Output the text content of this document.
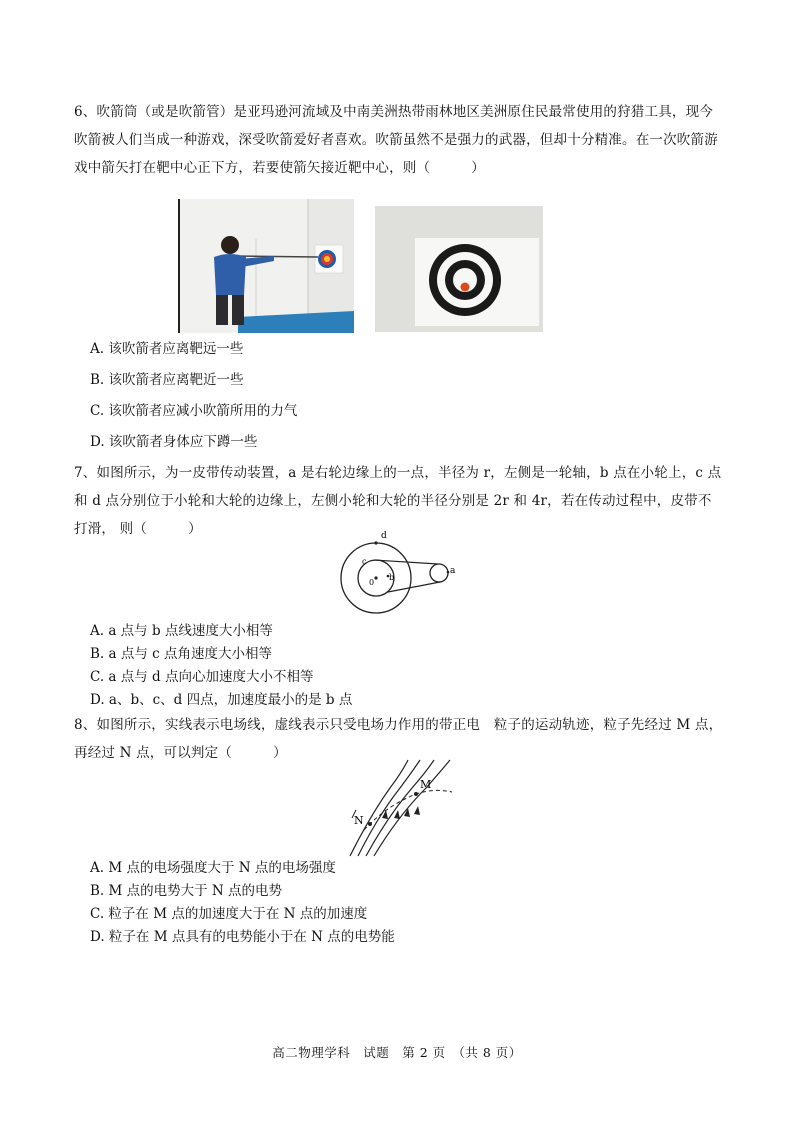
6、吹箭筒（或是吹箭管）是亚玛逊河流域及中南美洲热带雨林地区美洲原住民最常使用的狩猎工具，现今吹箭被人们当成一种游戏，深受吹箭爱好者喜欢。吹箭虽然不是强力的武器，但却十分精准。在一次吹箭游戏中箭矢打在靶中心正下方，若要使箭矢接近靶中心，则（　　　）
A. 该吹箭者应离靶远一些
B. 该吹箭者应离靶近一些
C. 该吹箭者应减小吹箭所用的力气
D. 该吹箭者身体应下蹲一些
7、如图所示，为一皮带传动装置，a 是右轮边缘上的一点，半径为 r，左侧是一轮轴，b 点在小轮上，c 点和 d 点分别位于小轮和大轮的边缘上，左侧小轮和大轮的半径分别是 2r 和 4r，若在传动过程中，皮带不打滑， 则（　　　）	d
c
0
b
a
A. a 点与 b 点线速度大小相等
B. a 点与 c 点角速度大小相等
C. a 点与 d 点向心加速度大小不相等
D. a、b、c、d 四点，加速度最小的是 b 点
8、如图所示，实线表示电场线，虚线表示只受电场力作用的带正电　粒子的运动轨迹，粒子先经过 M 点，再经过 N 点，可以判定（　　　）
N
M
A. M 点的电场强度大于 N 点的电场强度
B. M 点的电势大于 N 点的电势
C. 粒子在 M 点的加速度大于在 N 点的加速度
D. 粒子在 M 点具有的电势能小于在 N 点的电势能
高二物理学科　试题　第 2 页　（共 8 页）
